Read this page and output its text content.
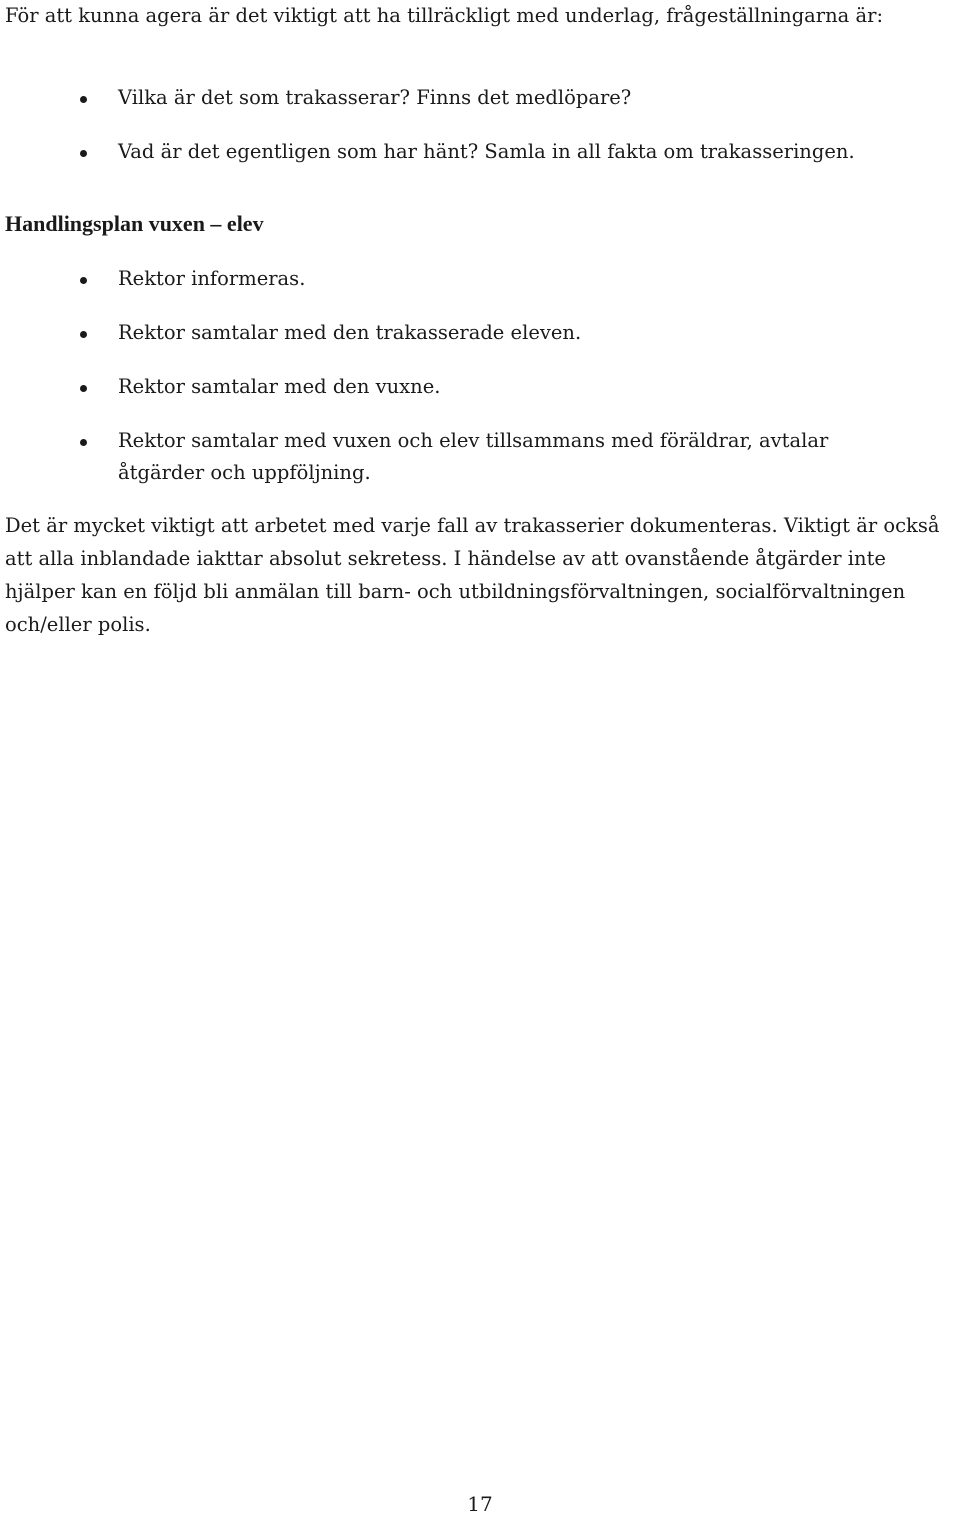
För att kunna agera är det viktigt att ha tillräckligt med underlag, frågeställningarna är:

Vilka är det som trakasserar? Finns det medlöpare?
Vad är det egentligen som har hänt? Samla in all fakta om trakasseringen.
Handlingsplan vuxen – elev
Rektor informeras.
Rektor samtalar med den trakasserade eleven.
Rektor samtalar med den vuxne.
Rektor samtalar med vuxen och elev tillsammans med föräldrar, avtalar åtgärder och uppföljning.

Det är mycket viktigt att arbetet med varje fall av trakasserier dokumenteras. Viktigt är också att alla inblandade iakttar absolut sekretess. I händelse av att ovanstående åtgärder inte hjälper kan en följd bli anmälan till barn- och utbildningsförvaltningen, socialförvaltningen och/eller polis.

17
